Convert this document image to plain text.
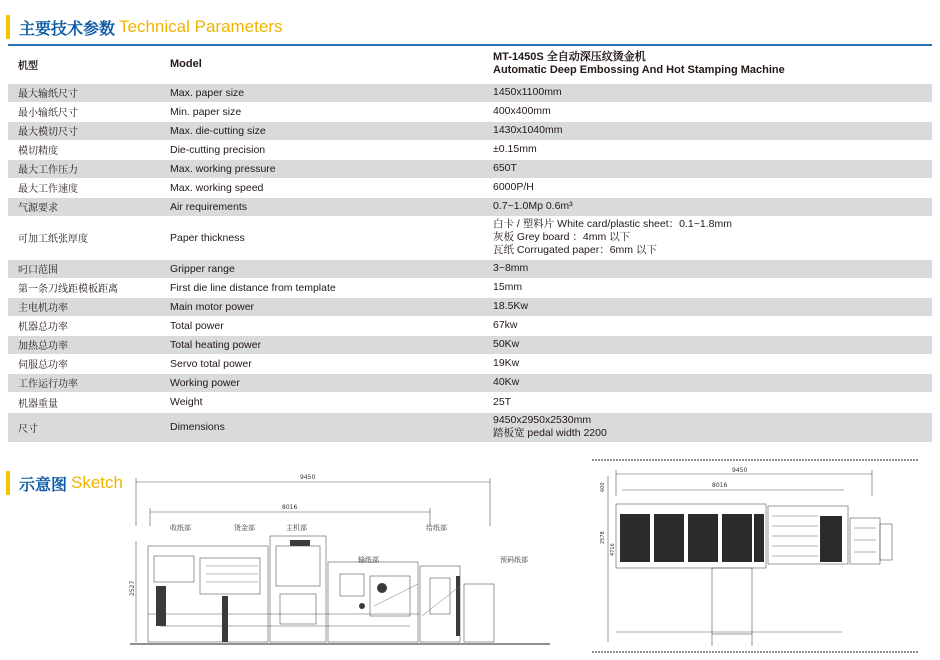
主要技术参数 Technical Parameters
机型	Model	MT-1450S 全自动深压纹烫金机
Automatic Deep Embossing And Hot Stamping Machine

最大输纸尺寸	Max. paper size	1450x1100mm

最小输纸尺寸	Min. paper size	400x400mm

最大模切尺寸	Max. die-cutting size	1430x1040mm

模切精度	Die-cutting precision	±0.15mm

最大工作压力	Max. working pressure	650T

最大工作速度	Max. working speed	6000P/H

气源要求	Air requirements	0.7~1.0Mp 0.6m³

可加工纸张厚度	Paper thickness	白卡 / 塑料片 White card/plastic sheet：0.1~1.8mm
灰板 Grey board ：4mm 以下
瓦纸 Corrugated paper：6mm 以下

叼口范围	Gripper range	3~8mm

第一条刀线距模板距离	First die line distance from template	15mm

主电机功率	Main motor power	18.5Kw

机器总功率	Total power	67kw

加热总功率	Total heating power	50Kw

伺服总功率	Servo total power	19Kw

工作运行功率	Working power	40Kw

机器重量	Weight	25T

尺寸	Dimensions	9450x2950x2530mm
踏板宽 pedal width 2200
示意图 Sketch	9450
8016
2527
收纸部	烫金部	主机部
输纸部
给纸部
预码纸部
9450
8016
600
2578
4716
